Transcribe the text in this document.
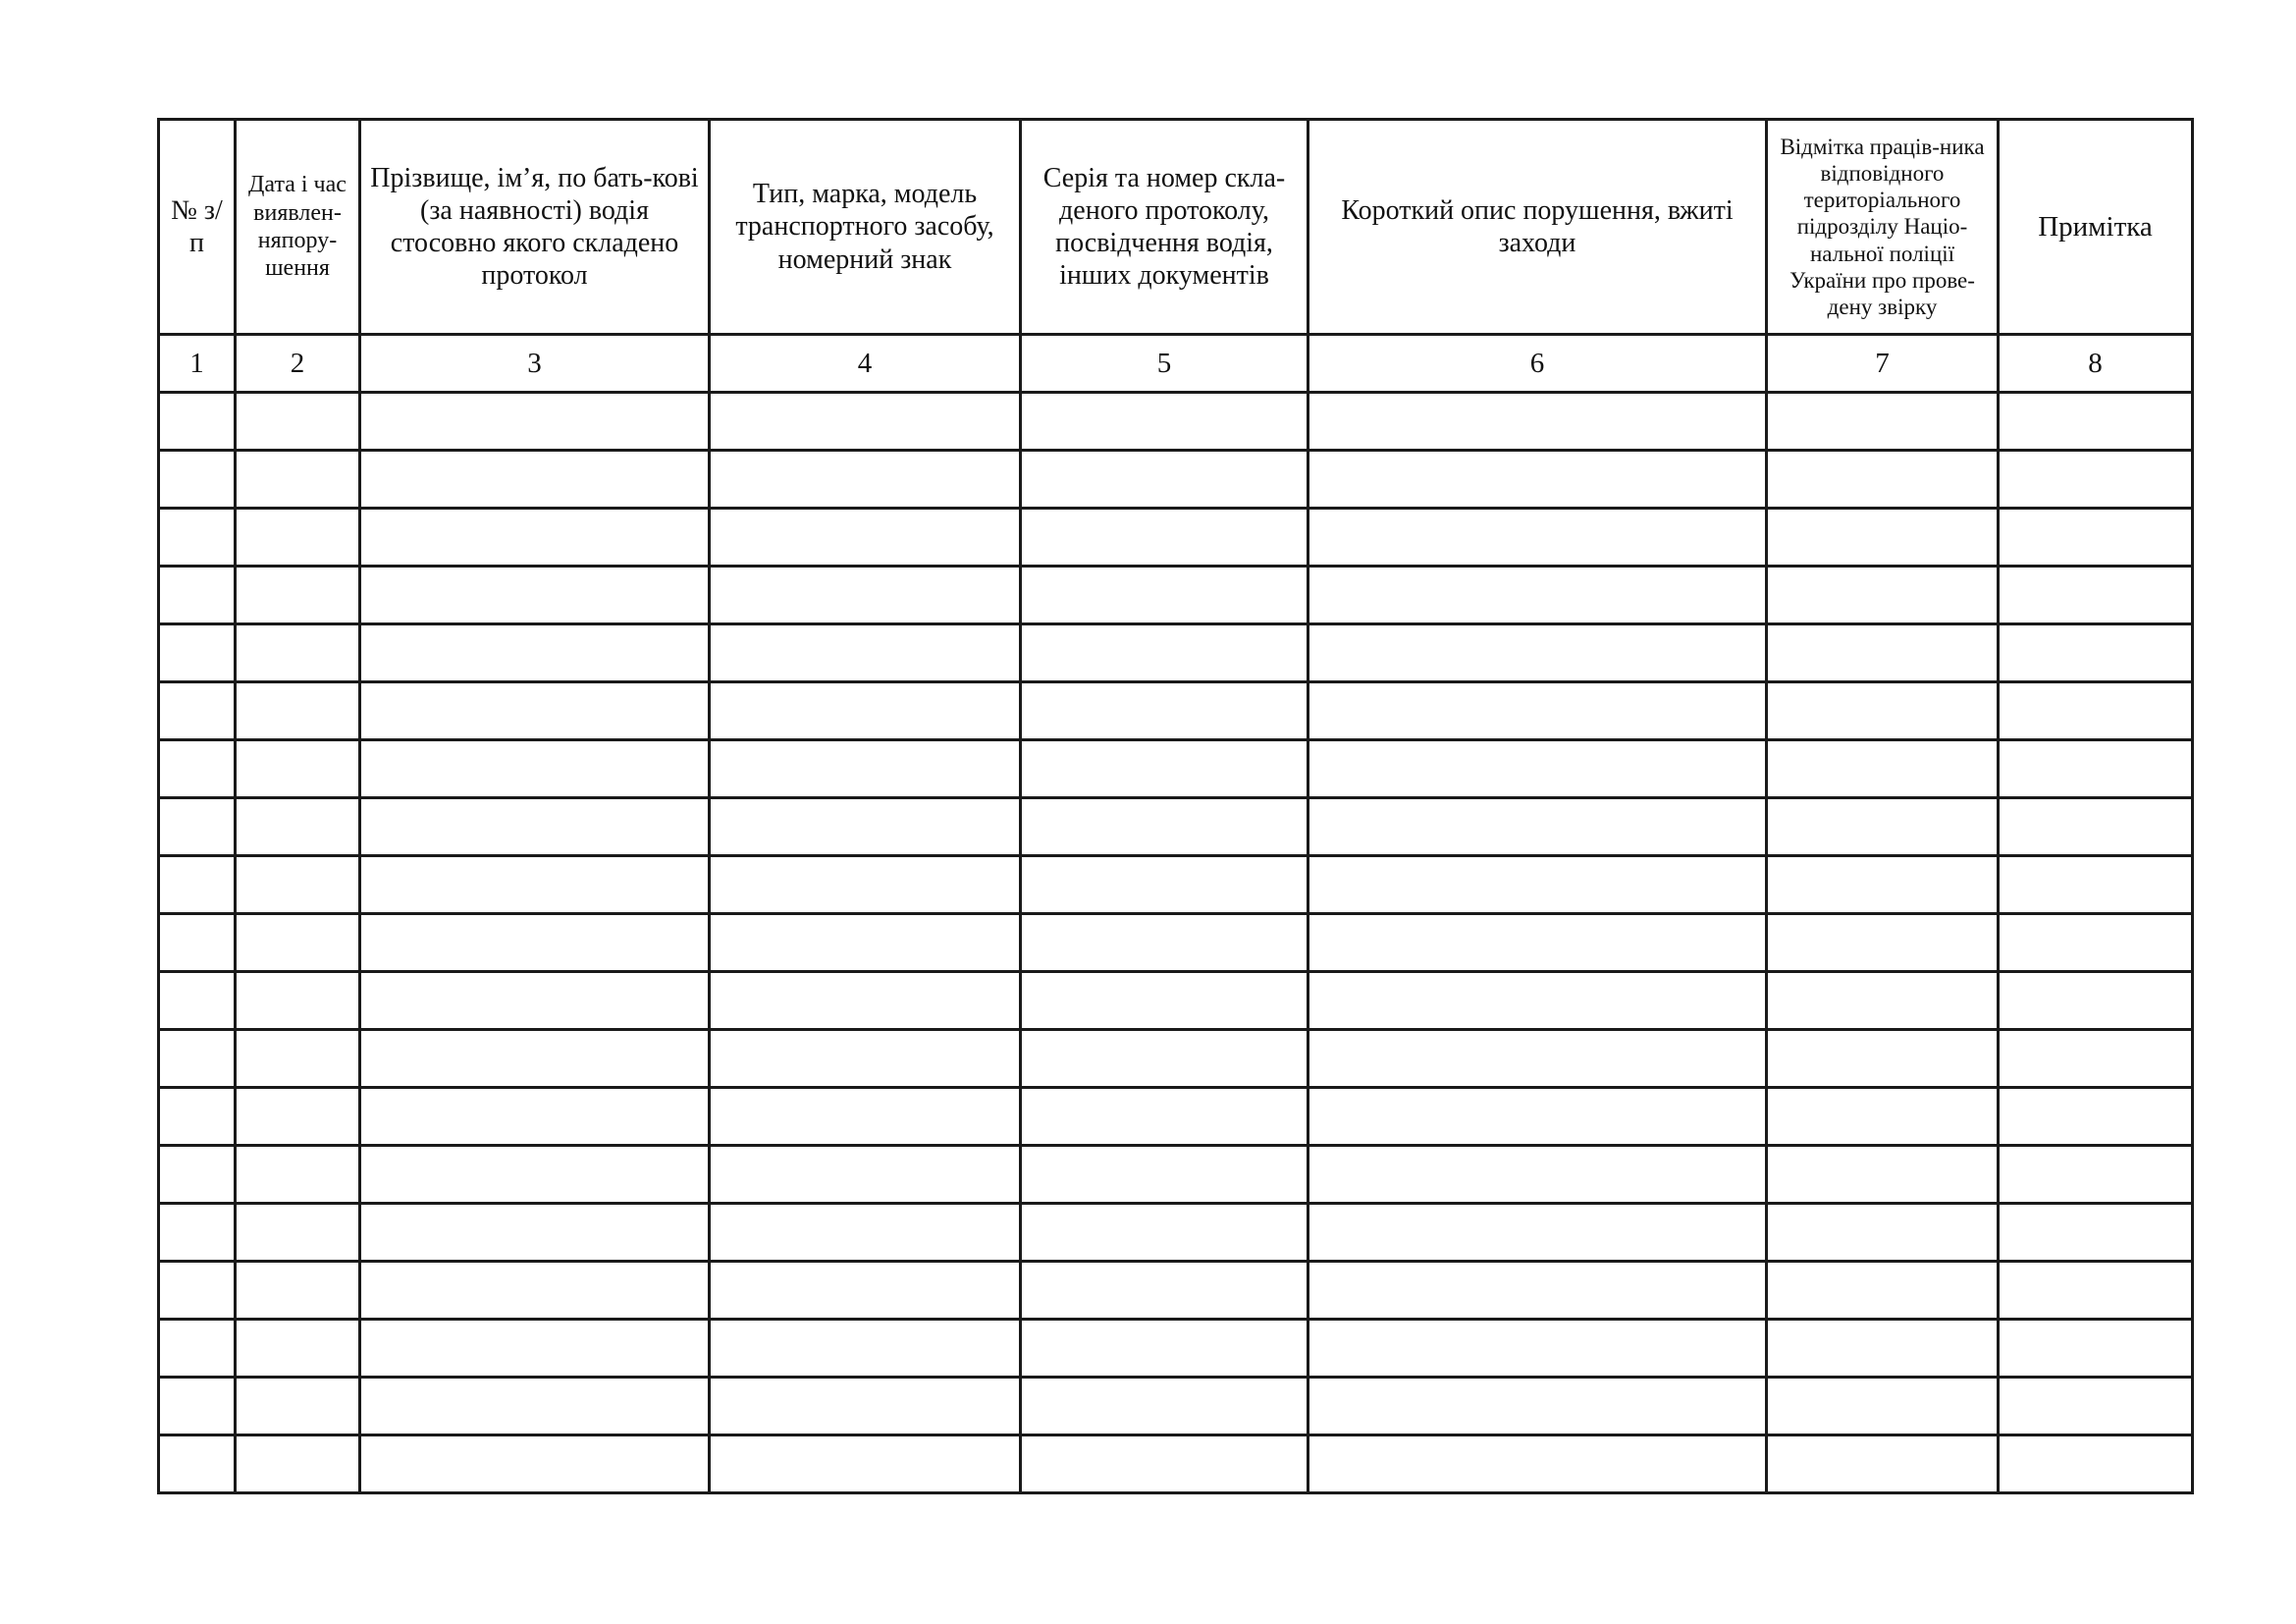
№ з/п	Дата і час виявлен-няпору-шення	Прізвище, ім’я, по бать-кові (за наявності) водія стосовно якого складено протокол	Тип, марка, модель транспортного засобу, номерний знак	Серія та номер скла-деного протоколу, посвідчення водія, інших документів	Короткий опис порушення, вжиті заходи	Відмітка праців-ника відповідного територіального підрозділу Націо-нальної поліції України про прове-дену звірку	Примітка
1	2	3	4	5	6	7	8
